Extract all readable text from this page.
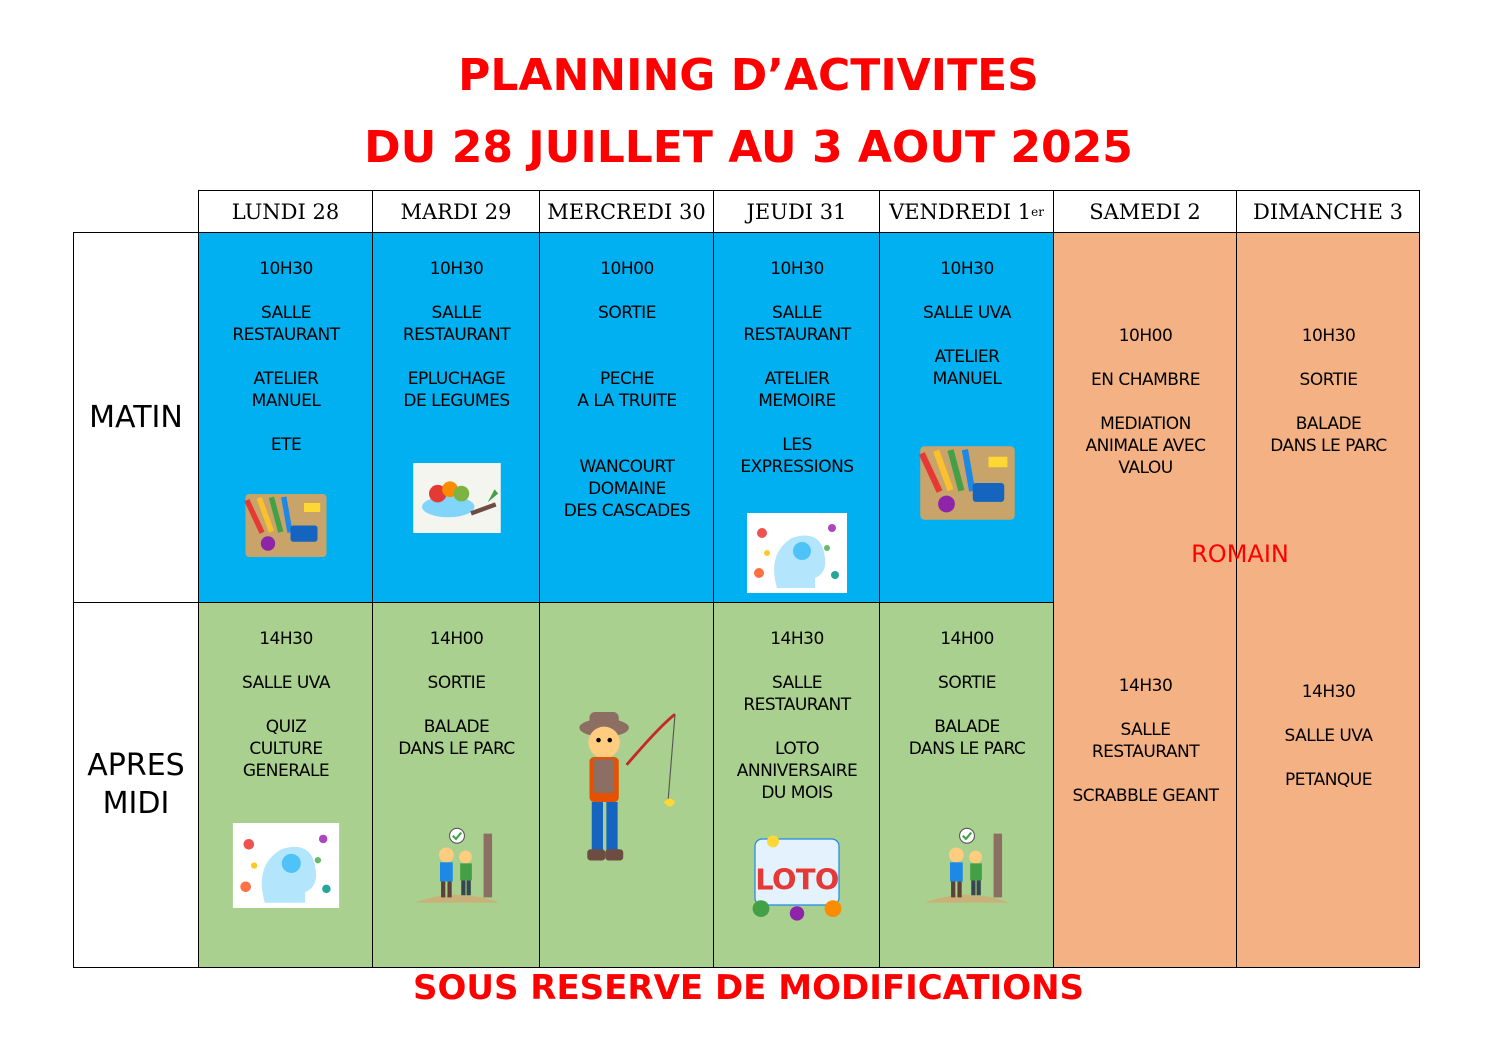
PLANNING D’ACTIVITES
DU 28 JUILLET AU 3 AOUT 2025
LUNDI 28	MARDI 29 MERCREDI 30 JEUDI 31 VENDREDI 1 er SAMEDI 2 DIMANCHE 3
MATIN
APRES MIDI
10H30
SALLE
RESTAURANT
ATELIER
MANUEL
ETE
10H30
SALLE
RESTAURANT
EPLUCHAGE
DE LEGUMES
10H00
SORTIE
PECHE
A LA TRUITE
WANCOURT
DOMAINE
DES CASCADES
10H30
SALLE
RESTAURANT
ATELIER
MEMOIRE
LES
EXPRESSIONS
10H30
SALLE UVA
ATELIER
MANUEL
10H00
EN CHAMBRE
MEDIATION
ANIMALE AVEC
VALOU
10H30
SORTIE
BALADE
DANS LE PARC
14H30
SALLE UVA
QUIZ
CULTURE
GENERALE
14H00
SORTIE
BALADE
DANS LE PARC
14H30
SALLE
RESTAURANT
LOTO
ANNIVERSAIRE
DU MOIS
LOTO
14H00
SORTIE
BALADE
DANS LE PARC
14H30
SALLE
RESTAURANT
SCRABBLE GEANT
14H30
SALLE UVA
PETANQUE
ROMAIN
SOUS RESERVE DE MODIFICATIONS
